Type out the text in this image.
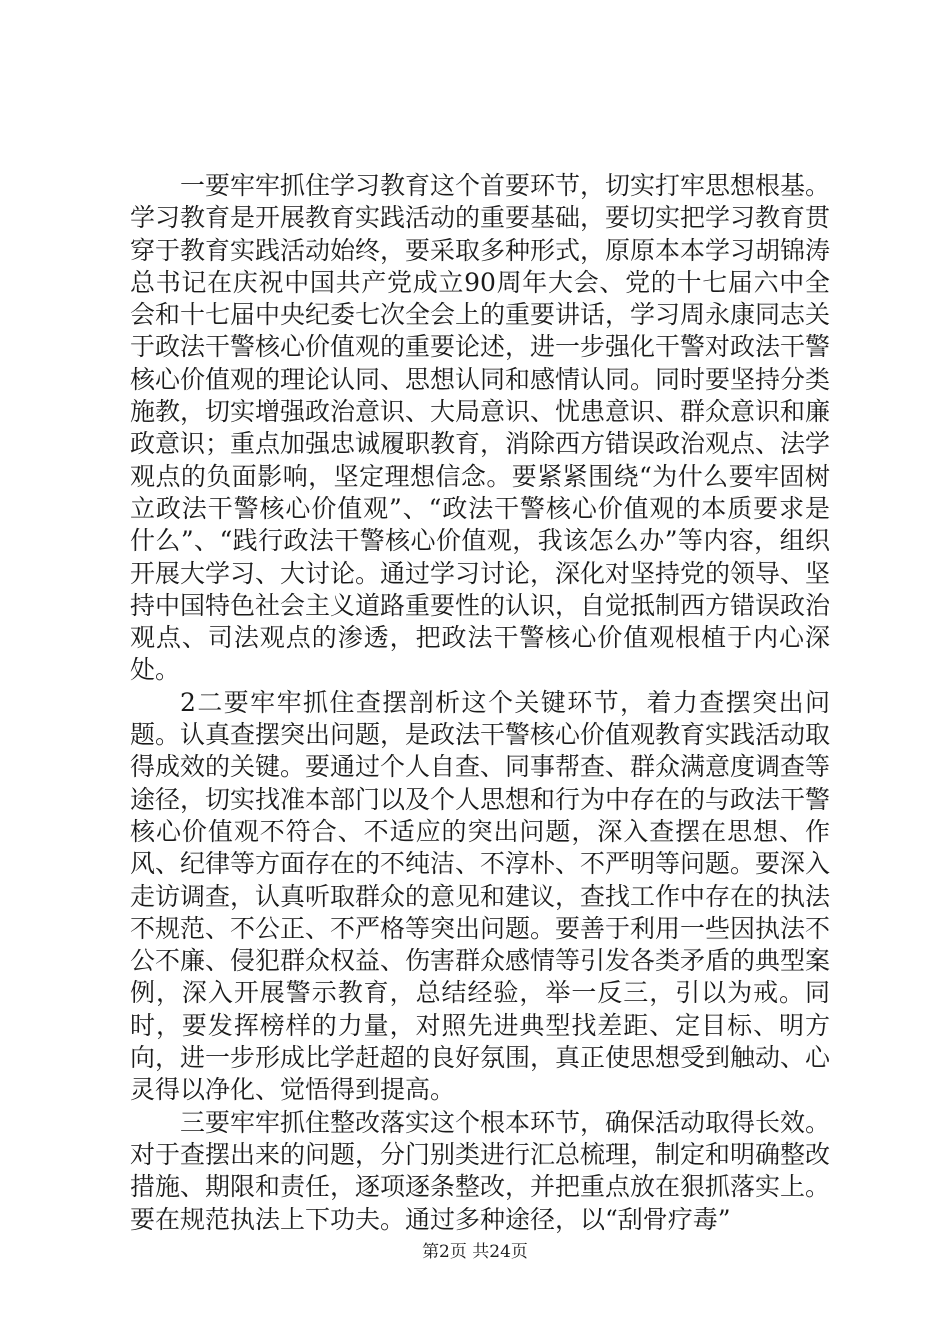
一要牢牢抓住学习教育这个首要环节，切实打牢思想根基。学习教育是开展教育实践活动的重要基础，要切实把学习教育贯穿于教育实践活动始终，要采取多种形式，原原本本学习胡锦涛总书记在庆祝中国共产党成立90周年大会、党的十七届六中全会和十七届中央纪委七次全会上的重要讲话，学习周永康同志关于政法干警核心价值观的重要论述，进一步强化干警对政法干警核心价值观的理论认同、思想认同和感情认同。同时要坚持分类施教，切实增强政治意识、大局意识、忧患意识、群众意识和廉政意识；重点加强忠诚履职教育，消除西方错误政治观点、法学观点的负面影响，坚定理想信念。要紧紧围绕“为什么要牢固树立政法干警核心价值观”、“政法干警核心价值观的本质要求是什么”、“践行政法干警核心价值观，我该怎么办”等内容，组织开展大学习、大讨论。通过学习讨论，深化对坚持党的领导、坚持中国特色社会主义道路重要性的认识，自觉抵制西方错误政治观点、司法观点的渗透，把政法干警核心价值观根植于内心深处。

2二要牢牢抓住查摆剖析这个关键环节，着力查摆突出问题。认真查摆突出问题，是政法干警核心价值观教育实践活动取得成效的关键。要通过个人自查、同事帮查、群众满意度调查等途径，切实找准本部门以及个人思想和行为中存在的与政法干警核心价值观不符合、不适应的突出问题，深入查摆在思想、作风、纪律等方面存在的不纯洁、不淳朴、不严明等问题。要深入走访调查，认真听取群众的意见和建议，查找工作中存在的执法不规范、不公正、不严格等突出问题。要善于利用一些因执法不公不廉、侵犯群众权益、伤害群众感情等引发各类矛盾的典型案例，深入开展警示教育，总结经验，举一反三，引以为戒。同时，要发挥榜样的力量，对照先进典型找差距、定目标、明方向，进一步形成比学赶超的良好氛围，真正使思想受到触动、心灵得以净化、觉悟得到提高。

三要牢牢抓住整改落实这个根本环节，确保活动取得长效。对于查摆出来的问题，分门别类进行汇总梳理，制定和明确整改措施、期限和责任，逐项逐条整改，并把重点放在狠抓落实上。要在规范执法上下功夫。通过多种途径，以“刮骨疗毒”

第2页 共24页
